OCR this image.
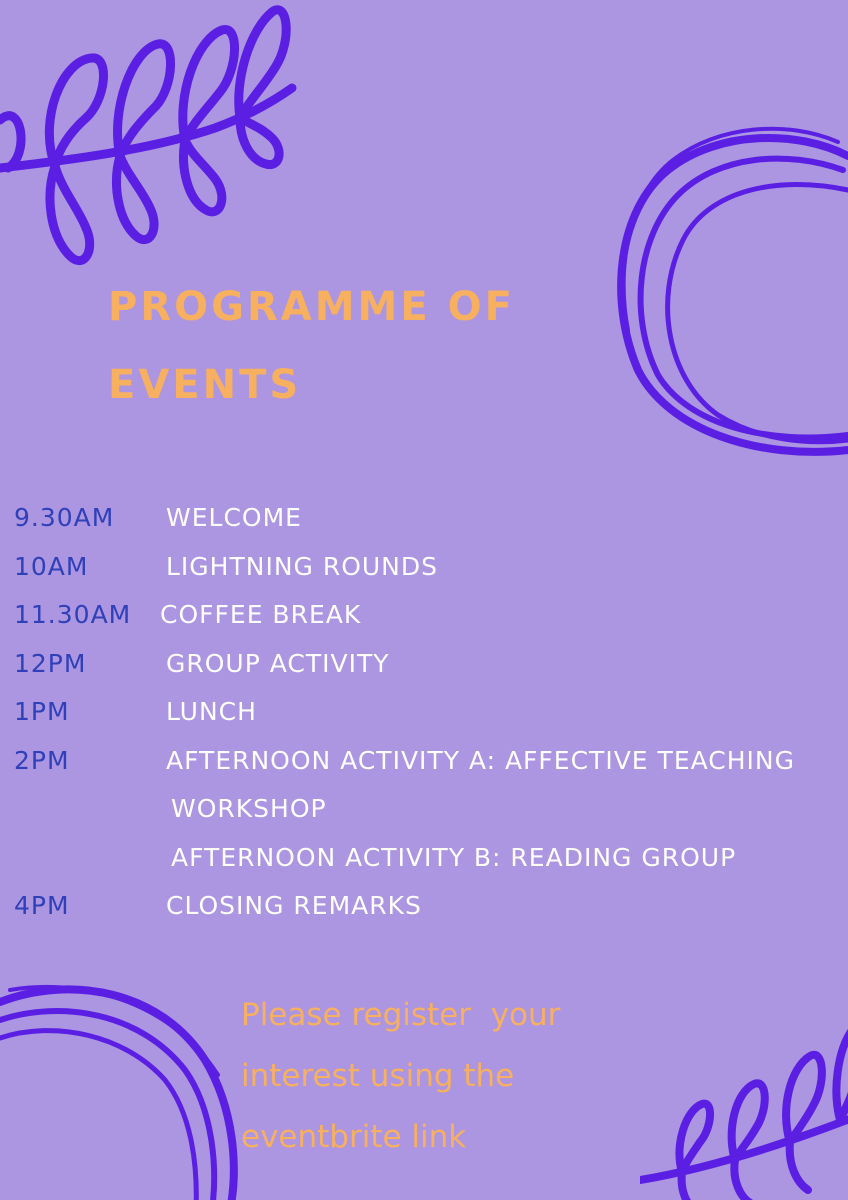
PROGRAMME OF
EVENTS
9.30AM	WELCOME
10AM	LIGHTNING ROUNDS
11.30AM	COFFEE BREAK
12PM	GROUP ACTIVITY
1PM	LUNCH
2PM	AFTERNOON ACTIVITY A: AFFECTIVE TEACHING
WORKSHOP
AFTERNOON ACTIVITY B: READING GROUP
4PM	CLOSING REMARKS

Please register  your
interest using the
eventbrite link
